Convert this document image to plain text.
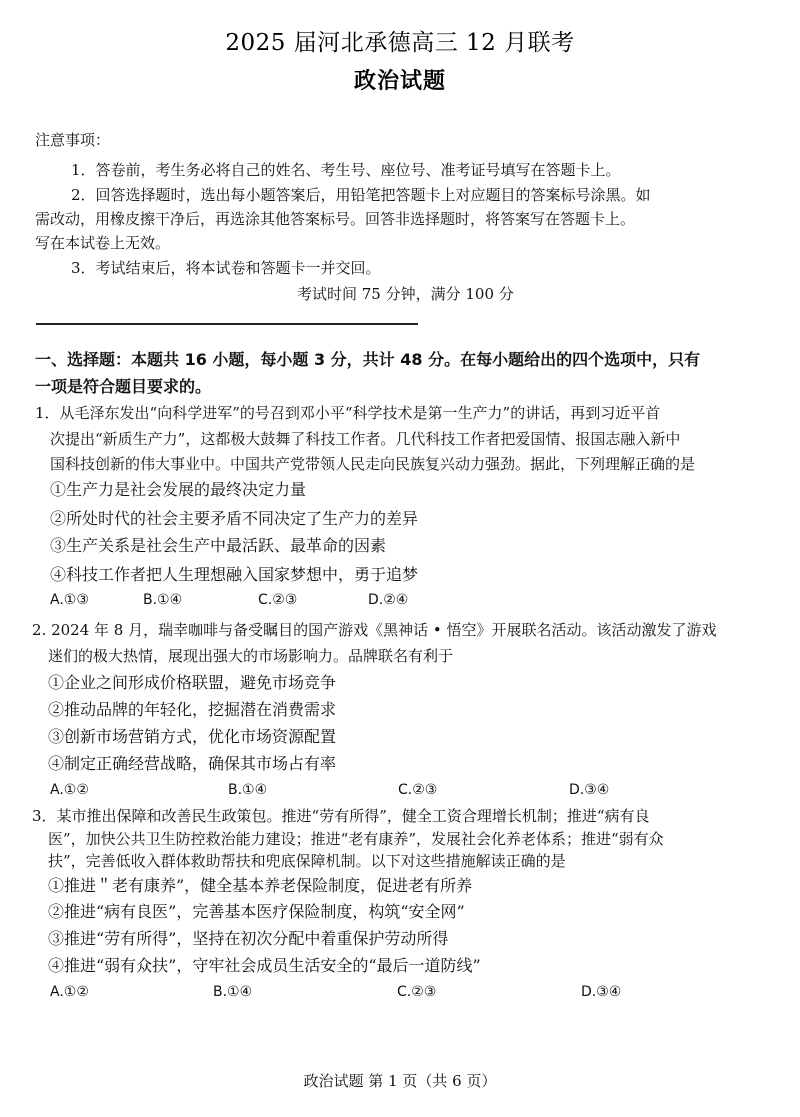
2025 届河北承德高三 12 月联考
政治试题
注意事项：
1．答卷前，考生务必将自己的姓名、考生号、座位号、准考证号填写在答题卡上。
2．回答选择题时，选出每小题答案后，用铅笔把答题卡上对应题目的答案标号涂黑。如
需改动，用橡皮擦干净后，再选涂其他答案标号。回答非选择题时，将答案写在答题卡上。
写在本试卷上无效。
3．考试结束后，将本试卷和答题卡一并交回。
考试时间 75 分钟，满分 100 分
一、选择题：本题共 16 小题，每小题 3 分，共计 48 分。在每小题给出的四个选项中，只有
一项是符合题目要求的。
1．从毛泽东发出“向科学进军”的号召到邓小平“科学技术是第一生产力”的讲话，再到习近平首
次提出“新质生产力”，这都极大鼓舞了科技工作者。几代科技工作者把爱国情、报国志融入新中
国科技创新的伟大事业中。中国共产党带领人民走向民族复兴动力强劲。据此，下列理解正确的是
①生产力是社会发展的最终决定力量
②所处时代的社会主要矛盾不同决定了生产力的差异
③生产关系是社会生产中最活跃、最革命的因素
④科技工作者把人生理想融入国家梦想中，勇于追梦
A.①③	B.①④	C.②③	D.②④
2. 2024 年 8 月，瑞幸咖啡与备受瞩目的国产游戏《黑神话 • 悟空》开展联名活动。该活动激发了游戏
迷们的极大热情，展现出强大的市场影响力。品牌联名有利于
①企业之间形成价格联盟，避免市场竞争
②推动品牌的年轻化，挖掘潜在消费需求
③创新市场营销方式，优化市场资源配置
④制定正确经营战略，确保其市场占有率
A.①②	B.①④	C.②③	D.③④
3．某市推出保障和改善民生政策包。推进“劳有所得”，健全工资合理增长机制；推进“病有良
医”，加快公共卫生防控救治能力建设；推进“老有康养”，发展社会化养老体系；推进“弱有众
扶”，完善低收入群体救助帮扶和兜底保障机制。以下对这些措施解读正确的是
①推进＂老有康养”，健全基本养老保险制度，促进老有所养
②推进“病有良医”，完善基本医疗保险制度，构筑“安全网”
③推进“劳有所得”，坚持在初次分配中着重保护劳动所得
④推进“弱有众扶”，守牢社会成员生活安全的“最后一道防线”
A.①②	B.①④	C.②③	D.③④
政治试题 第 1 页（共 6 页）
